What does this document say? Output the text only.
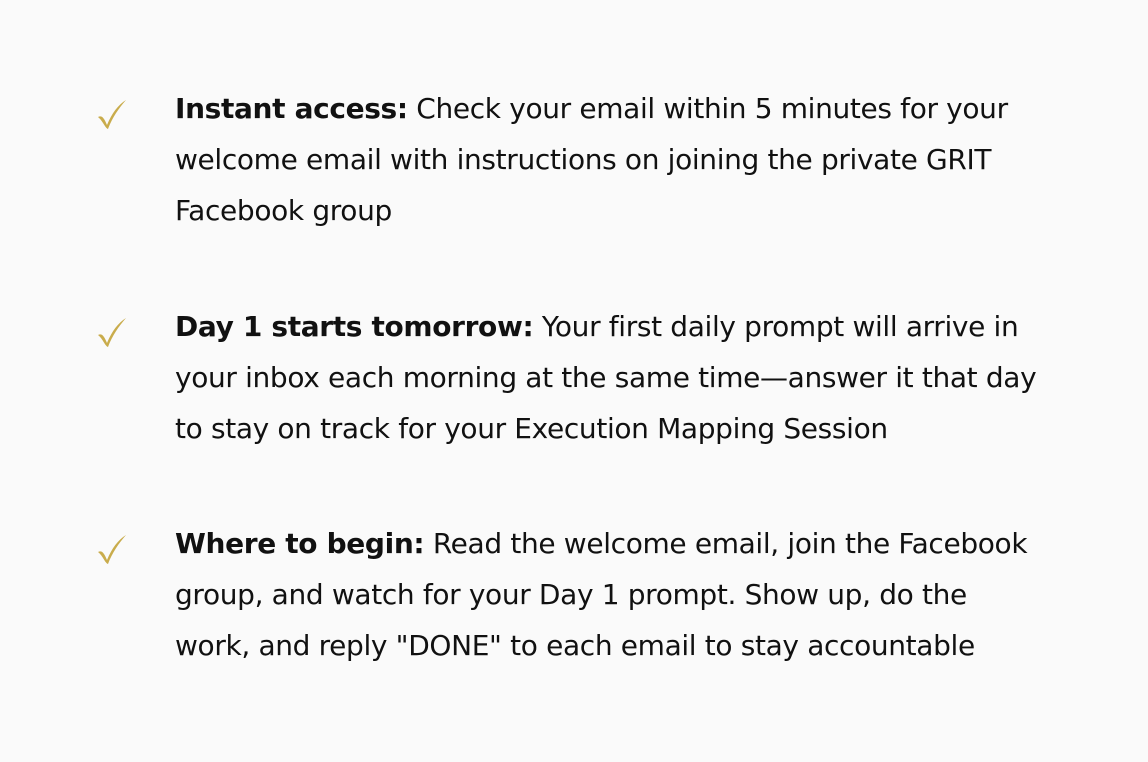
Instant access: Check your email within 5 minutes for your
welcome email with instructions on joining the private GRIT
Facebook group

Day 1 starts tomorrow: Your first daily prompt will arrive in
your inbox each morning at the same time—answer it that day
to stay on track for your Execution Mapping Session

Where to begin: Read the welcome email, join the Facebook
group, and watch for your Day 1 prompt. Show up, do the
work, and reply "DONE" to each email to stay accountable
